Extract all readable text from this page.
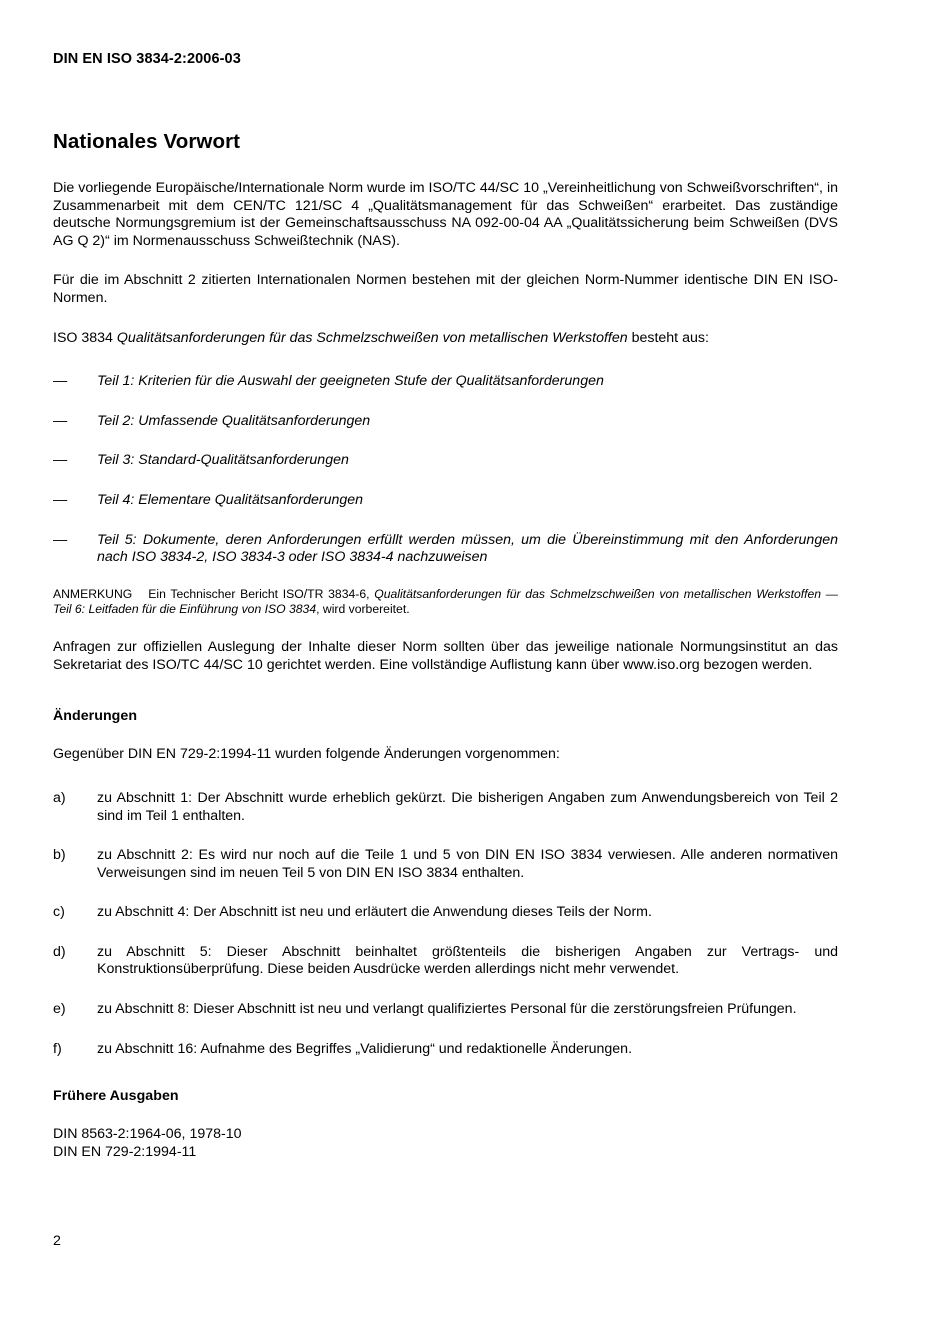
DIN EN ISO 3834-2:2006-03
Nationales Vorwort

Die vorliegende Europäische/Internationale Norm wurde im ISO/TC 44/SC 10 „Vereinheitlichung von Schweißvorschriften“, in Zusammenarbeit mit dem CEN/TC 121/SC 4 „Qualitätsmanagement für das Schweißen“ erarbeitet. Das zuständige deutsche Normungsgremium ist der Gemeinschaftsausschuss NA 092-00-04 AA „Qualitätssicherung beim Schweißen (DVS AG Q 2)“ im Normenausschuss Schweißtechnik (NAS).

Für die im Abschnitt 2 zitierten Internationalen Normen bestehen mit der gleichen Norm-Nummer identische DIN EN ISO-Normen.

ISO 3834 Qualitätsanforderungen für das Schmelzschweißen von metallischen Werkstoffen besteht aus:

— Teil 1: Kriterien für die Auswahl der geeigneten Stufe der Qualitätsanforderungen
— Teil 2: Umfassende Qualitätsanforderungen
— Teil 3: Standard-Qualitätsanforderungen
— Teil 4: Elementare Qualitätsanforderungen
— Teil 5: Dokumente, deren Anforderungen erfüllt werden müssen, um die Übereinstimmung mit den Anforderungen nach ISO 3834-2, ISO 3834-3 oder ISO 3834-4 nachzuweisen

ANMERKUNG Ein Technischer Bericht ISO/TR 3834-6, Qualitätsanforderungen für das Schmelzschweißen von metallischen Werkstoffen — Teil 6: Leitfaden für die Einführung von ISO 3834, wird vorbereitet.

Anfragen zur offiziellen Auslegung der Inhalte dieser Norm sollten über das jeweilige nationale Normungsinstitut an das Sekretariat des ISO/TC 44/SC 10 gerichtet werden. Eine vollständige Auflistung kann über www.iso.org bezogen werden.

Änderungen

Gegenüber DIN EN 729-2:1994-11 wurden folgende Änderungen vorgenommen:

a) zu Abschnitt 1: Der Abschnitt wurde erheblich gekürzt. Die bisherigen Angaben zum Anwendungsbereich von Teil 2 sind im Teil 1 enthalten.
b) zu Abschnitt 2: Es wird nur noch auf die Teile 1 und 5 von DIN EN ISO 3834 verwiesen. Alle anderen normativen Verweisungen sind im neuen Teil 5 von DIN EN ISO 3834 enthalten.
c) zu Abschnitt 4: Der Abschnitt ist neu und erläutert die Anwendung dieses Teils der Norm.
d) zu Abschnitt 5: Dieser Abschnitt beinhaltet größtenteils die bisherigen Angaben zur Vertrags- und Konstruktionsüberprüfung. Diese beiden Ausdrücke werden allerdings nicht mehr verwendet.
e) zu Abschnitt 8: Dieser Abschnitt ist neu und verlangt qualifiziertes Personal für die zerstörungsfreien Prüfungen.
f) zu Abschnitt 16: Aufnahme des Begriffes „Validierung“ und redaktionelle Änderungen.
Frühere Ausgaben
DIN 8563-2:1964-06, 1978-10
DIN EN 729-2:1994-11
2
